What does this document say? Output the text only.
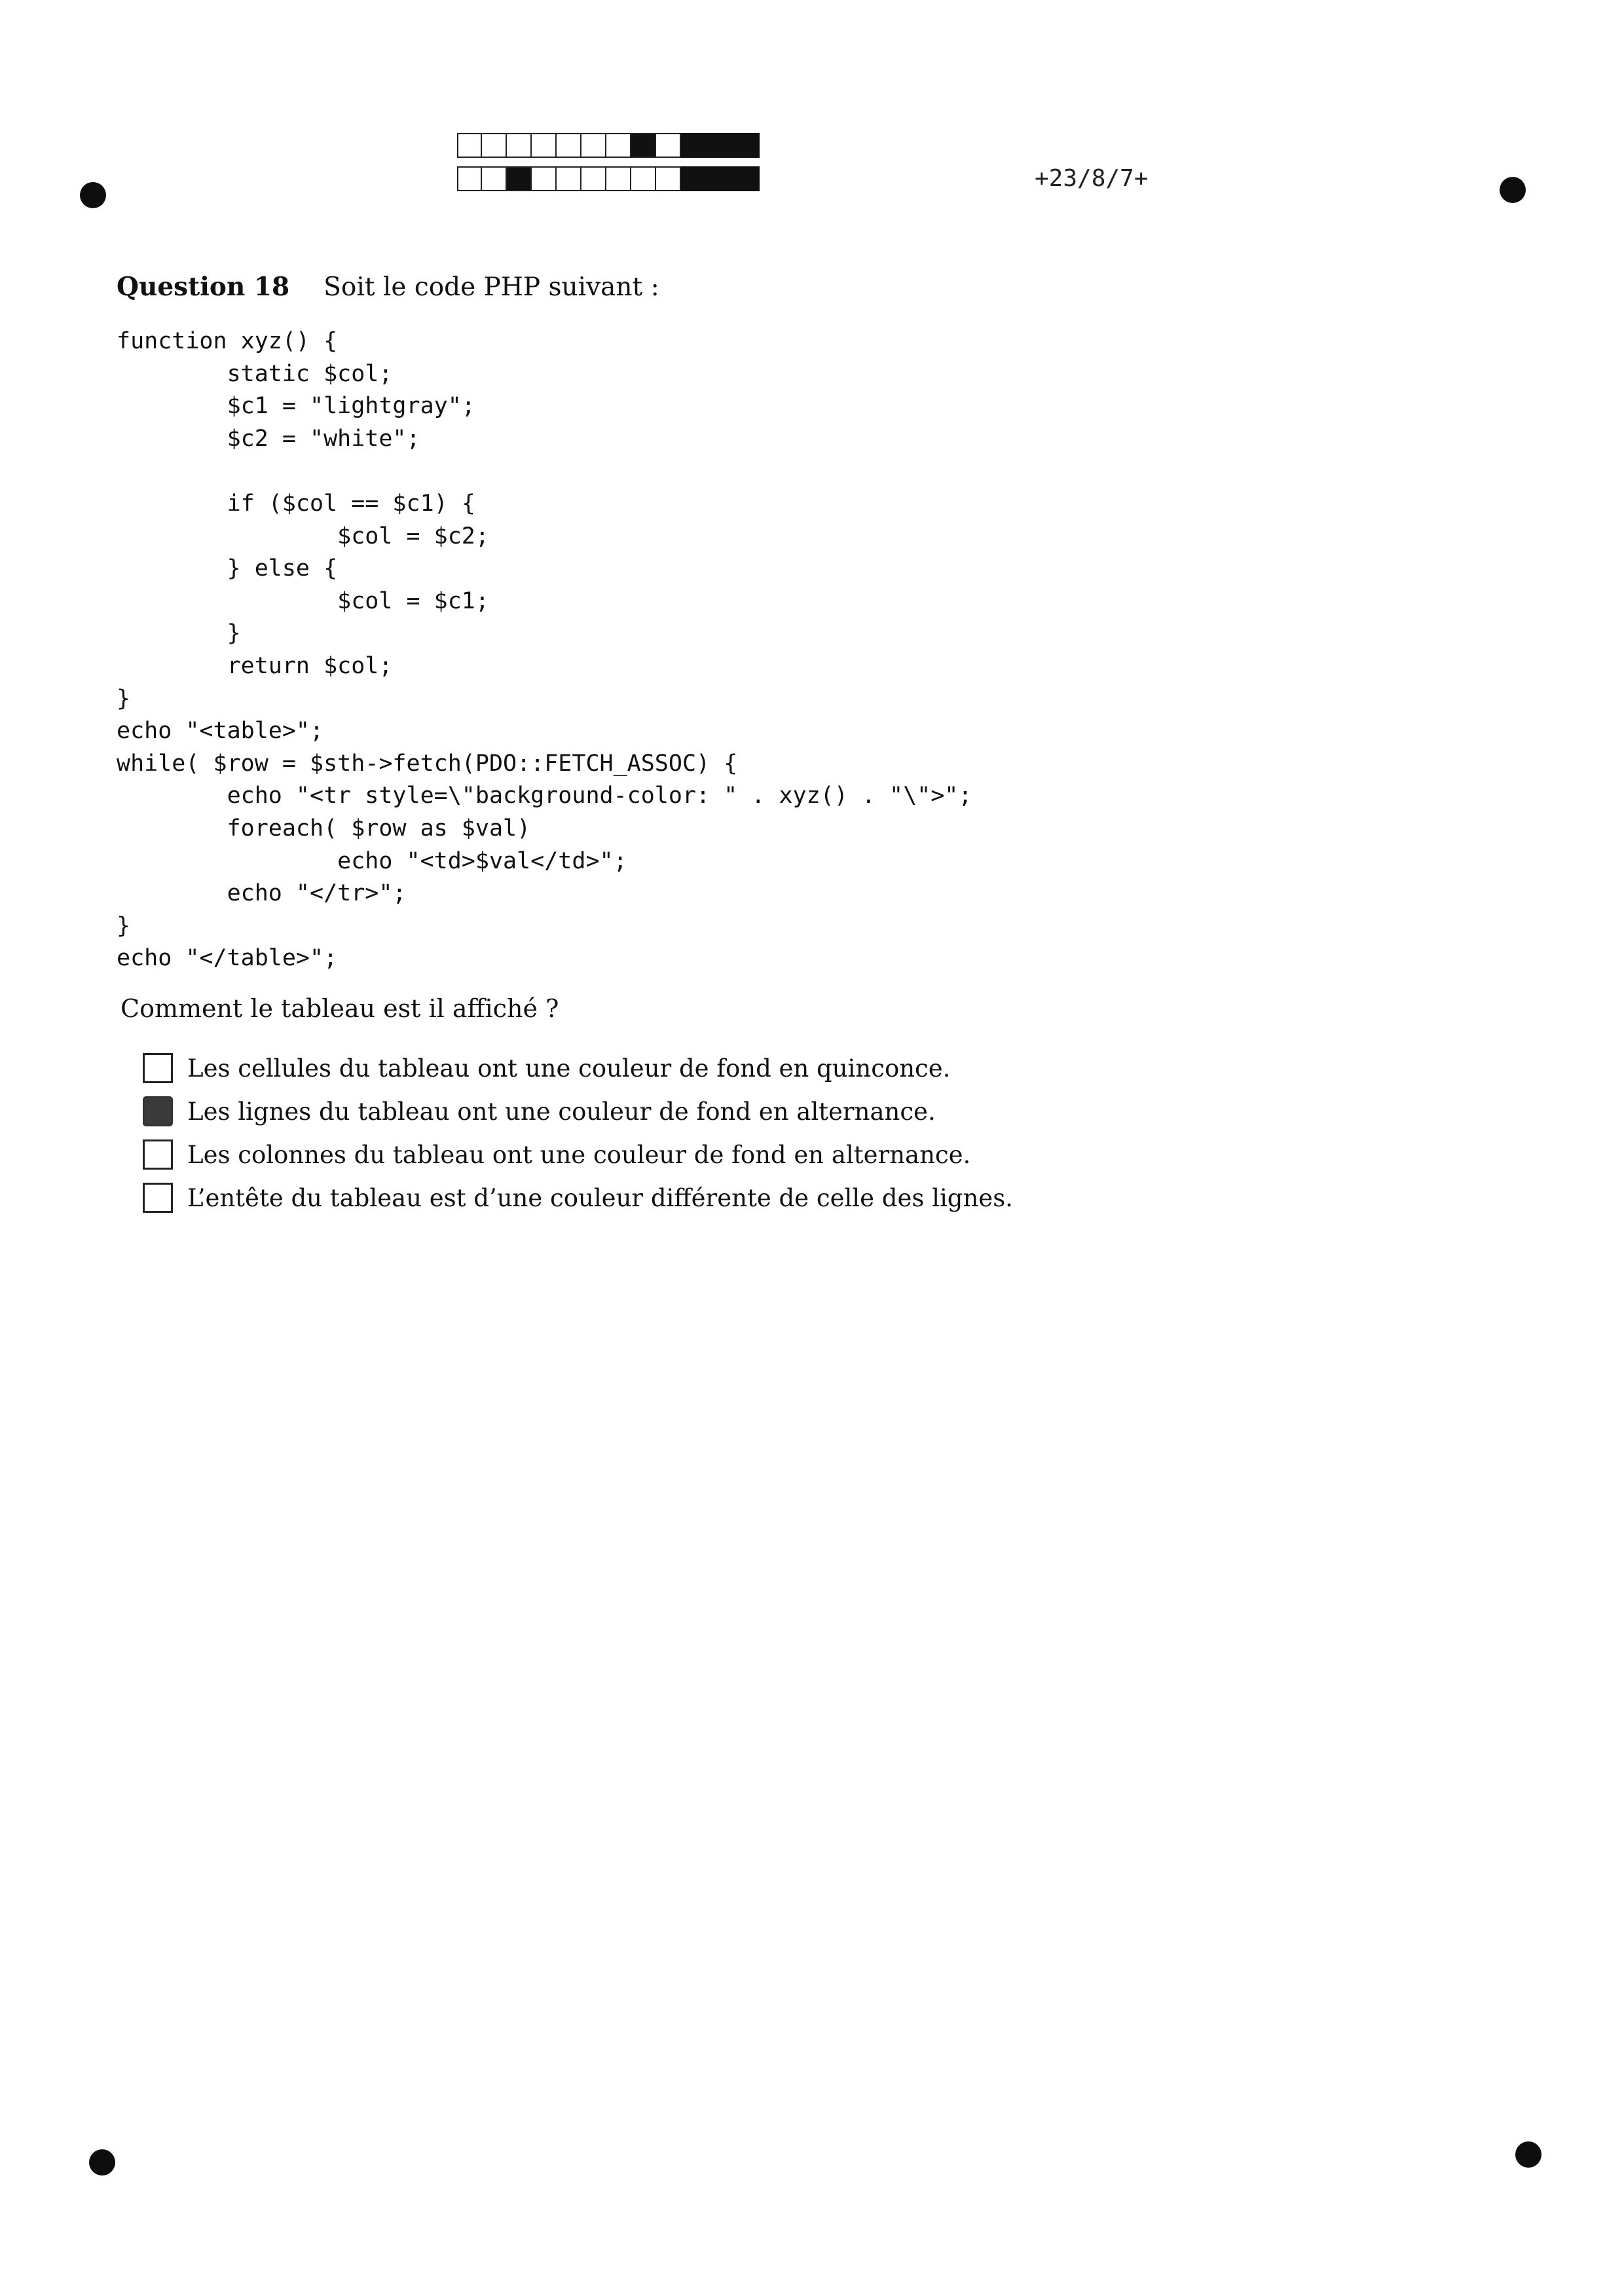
+23/8/7+
Question 18 Soit le code PHP suivant :
function xyz() {
static $col;
$c1 = "lightgray";
$c2 = "white";

if ($col == $c1) {
$col = $c2;
} else {
$col = $c1;
}
return $col;
}
echo "<table>";
while( $row = $sth->fetch(PDO::FETCH_ASSOC) {
echo "<tr style=\"background-color: " . xyz() . "\">";
foreach( $row as $val)
echo "<td>$val</td>";
echo "</tr>";
}
echo "</table>";
Comment le tableau est il affiché ?
Les cellules du tableau ont une couleur de fond en quinconce.
Les lignes du tableau ont une couleur de fond en alternance.
Les colonnes du tableau ont une couleur de fond en alternance.
L’entête du tableau est d’une couleur différente de celle des lignes.
